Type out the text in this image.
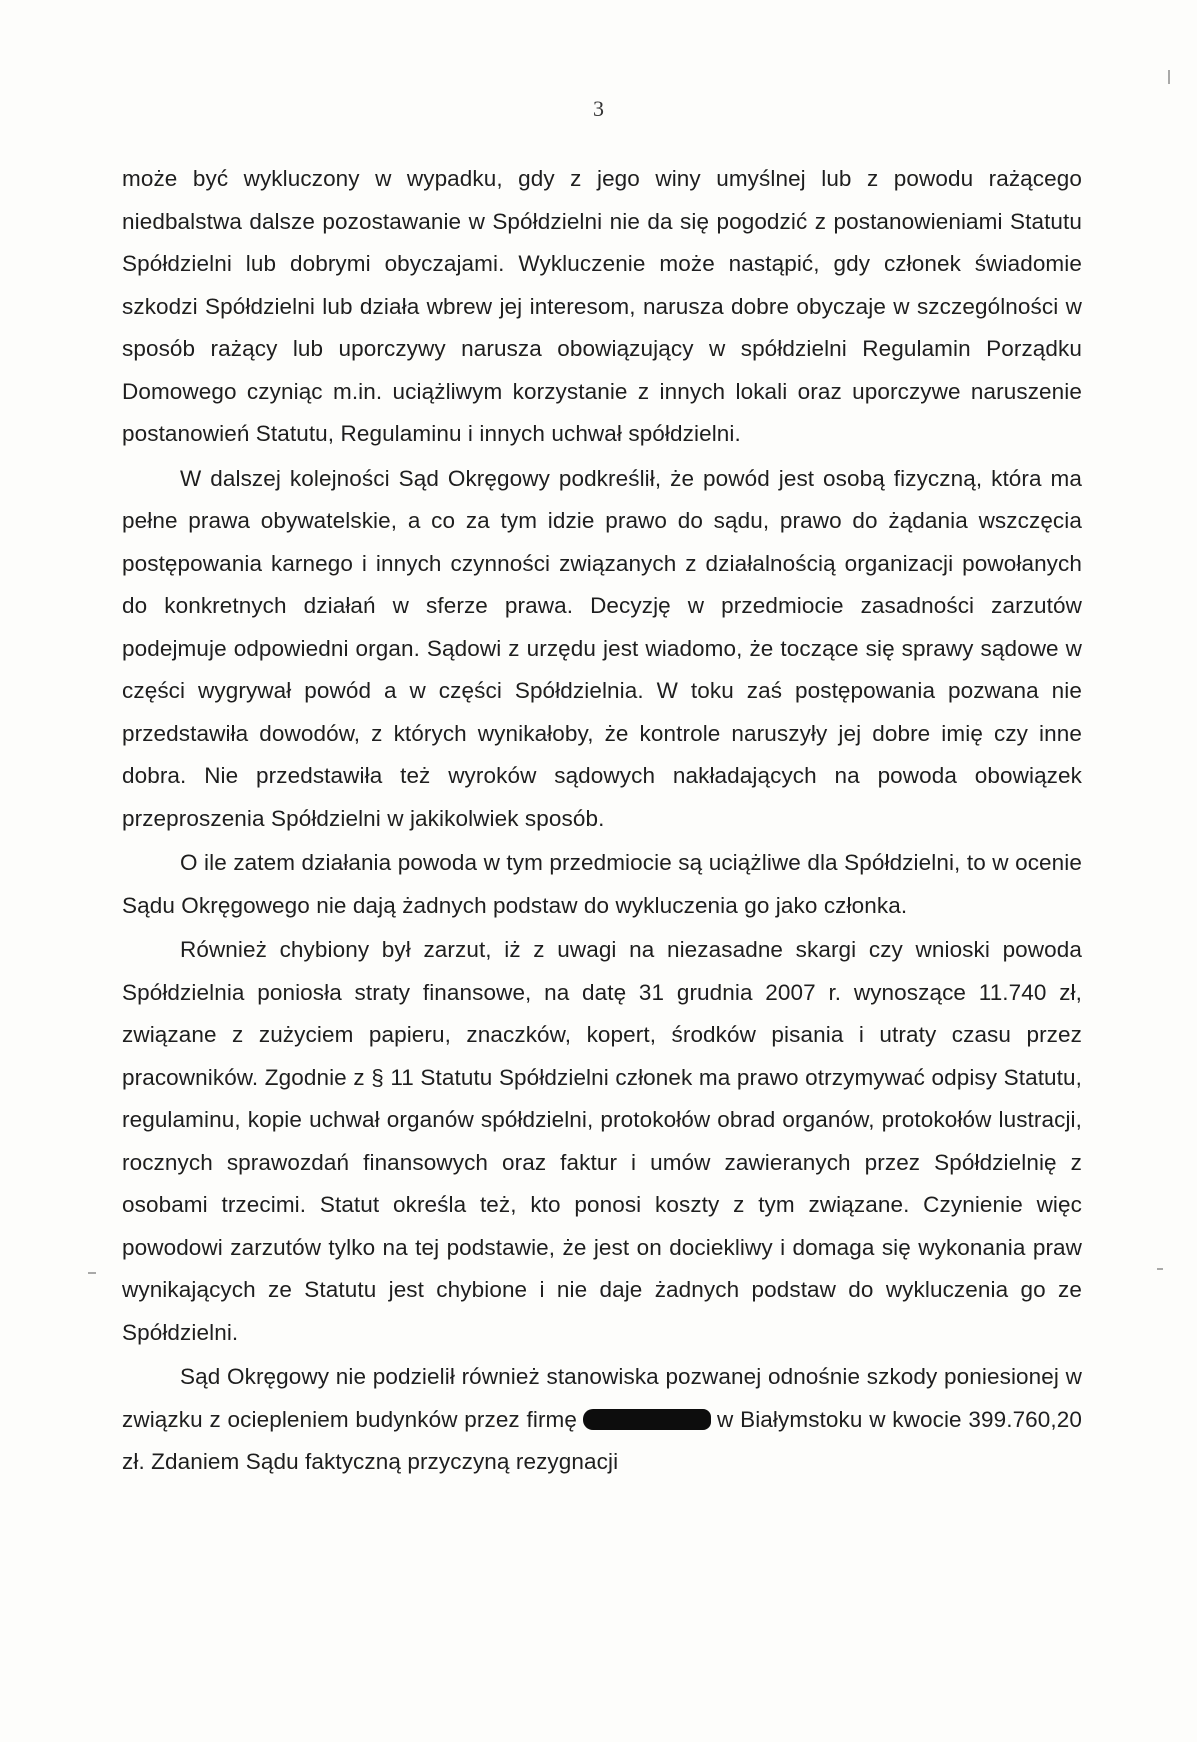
3

może być wykluczony w wypadku, gdy z jego winy umyślnej lub z powodu rażącego niedbalstwa dalsze pozostawanie w Spółdzielni nie da się pogodzić z postanowieniami Statutu Spółdzielni lub dobrymi obyczajami. Wykluczenie może nastąpić, gdy członek świadomie szkodzi Spółdzielni lub działa wbrew jej interesom, narusza dobre obyczaje w szczególności w sposób rażący lub uporczywy narusza obowiązujący w spółdzielni Regulamin Porządku Domowego czyniąc m.in. uciążliwym korzystanie z innych lokali oraz uporczywe naruszenie postanowień Statutu, Regulaminu i innych uchwał spółdzielni.

W dalszej kolejności Sąd Okręgowy podkreślił, że powód jest osobą fizyczną, która ma pełne prawa obywatelskie, a co za tym idzie prawo do sądu, prawo do żądania wszczęcia postępowania karnego i innych czynności związanych z działalnością organizacji powołanych do konkretnych działań w sferze prawa. Decyzję w przedmiocie zasadności zarzutów podejmuje odpowiedni organ. Sądowi z urzędu jest wiadomo, że toczące się sprawy sądowe w części wygrywał powód a w części Spółdzielnia. W toku zaś postępowania pozwana nie przedstawiła dowodów, z których wynikałoby, że kontrole naruszyły jej dobre imię czy inne dobra. Nie przedstawiła też wyroków sądowych nakładających na powoda obowiązek przeproszenia Spółdzielni w jakikolwiek sposób.

O ile zatem działania powoda w tym przedmiocie są uciążliwe dla Spółdzielni, to w ocenie Sądu Okręgowego nie dają żadnych podstaw do wykluczenia go jako członka.

Również chybiony był zarzut, iż z uwagi na niezasadne skargi czy wnioski powoda Spółdzielnia poniosła straty finansowe, na datę 31 grudnia 2007 r. wynoszące 11.740 zł, związane z zużyciem papieru, znaczków, kopert, środków pisania i utraty czasu przez pracowników. Zgodnie z § 11 Statutu Spółdzielni członek ma prawo otrzymywać odpisy Statutu, regulaminu, kopie uchwał organów spółdzielni, protokołów obrad organów, protokołów lustracji, rocznych sprawozdań finansowych oraz faktur i umów zawieranych przez Spółdzielnię z osobami trzecimi. Statut określa też, kto ponosi koszty z tym związane. Czynienie więc powodowi zarzutów tylko na tej podstawie, że jest on dociekliwy i domaga się wykonania praw wynikających ze Statutu jest chybione i nie daje żadnych podstaw do wykluczenia go ze Spółdzielni.

Sąd Okręgowy nie podzielił również stanowiska pozwanej odnośnie szkody poniesionej w związku z ociepleniem budynków przez firmę	w Białymstoku w kwocie 399.760,20 zł. Zdaniem Sądu faktyczną przyczyną rezygnacji
